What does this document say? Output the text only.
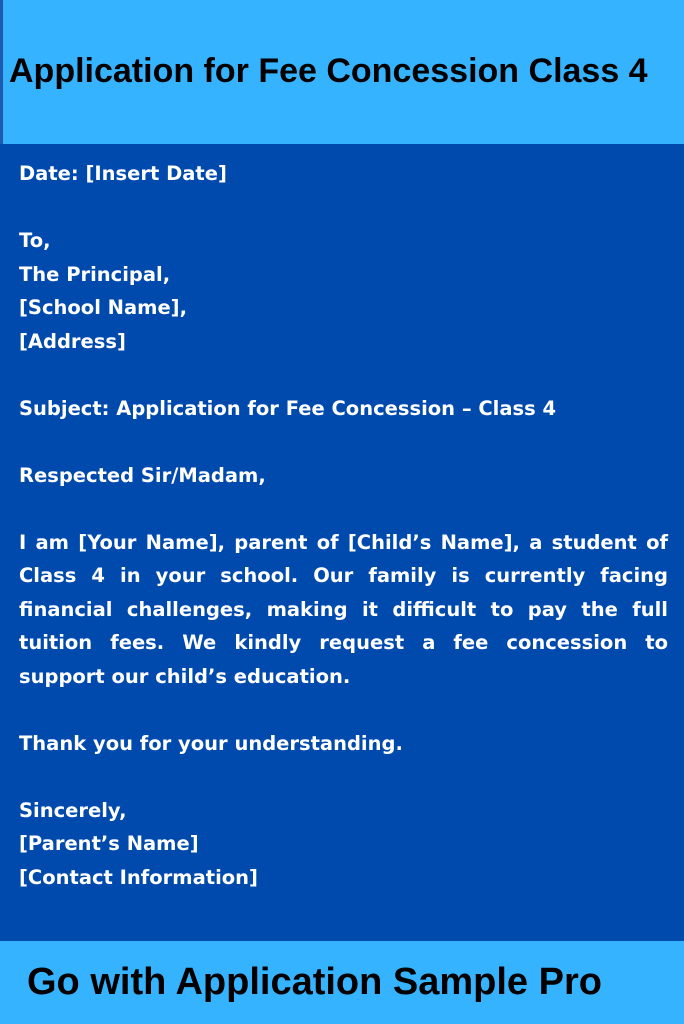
Application for Fee Concession Class 4
Date: [Insert Date]
To,
The Principal,
[School Name],
[Address]
Subject: Application for Fee Concession – Class 4
Respected Sir/Madam,
I am [Your Name], parent of [Child’s Name], a student of Class 4 in your school. Our family is currently facing financial challenges, making it difficult to pay the full tuition fees. We kindly request a fee concession to support our child’s education.
Thank you for your understanding.
Sincerely,
[Parent’s Name]
[Contact Information]

Go with Application Sample Pro
